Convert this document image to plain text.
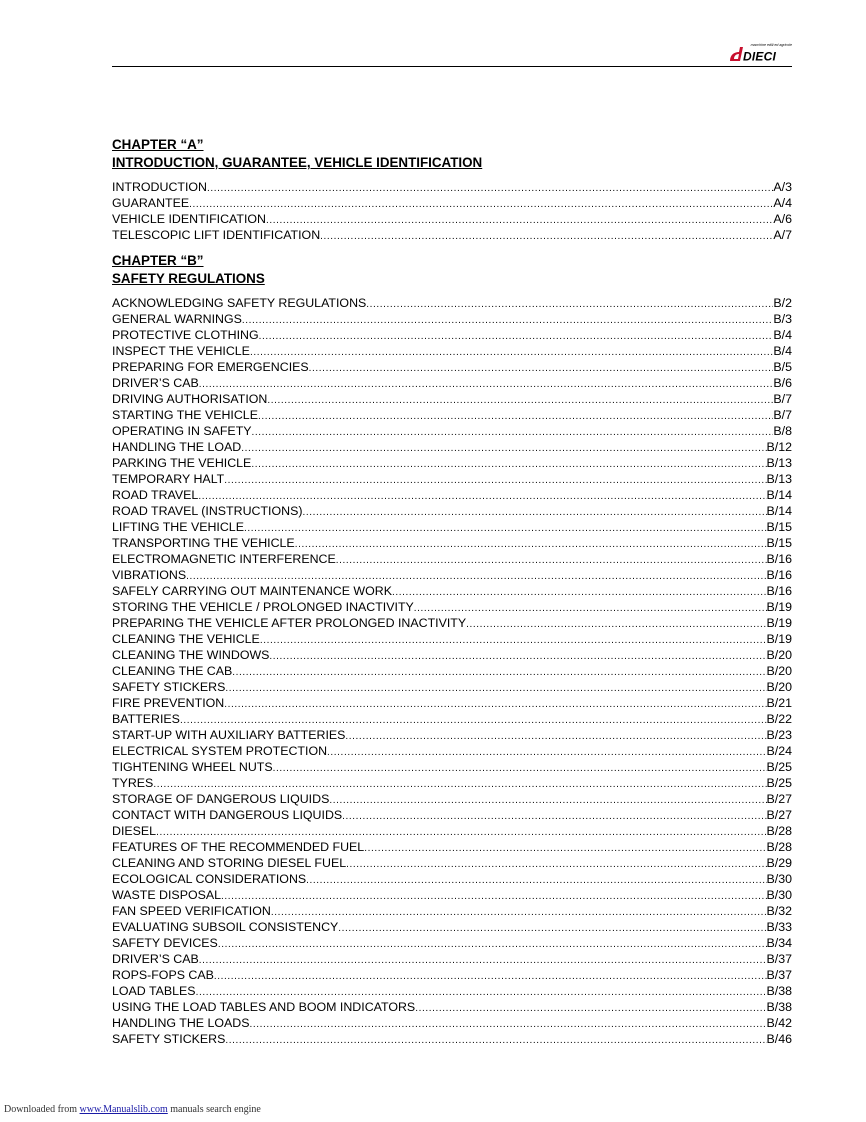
macchine edili ed agricole
DIECI
CHAPTER “A”
INTRODUCTION, GUARANTEE, VEHICLE IDENTIFICATION
INTRODUCTION .....	A/3
GUARANTEE .....	A/4
VEHICLE IDENTIFICATION .....	A/6
TELESCOPIC LIFT IDENTIFICATION .....	A/7
CHAPTER “B”
SAFETY REGULATIONS
ACKNOWLEDGING SAFETY REGULATIONS .....	B/2
GENERAL WARNINGS .....	B/3
PROTECTIVE CLOTHING .....	B/4
INSPECT THE VEHICLE .....	B/4
PREPARING FOR EMERGENCIES .....	B/5
DRIVER’S CAB .....	B/6
DRIVING AUTHORISATION .....	B/7
STARTING THE VEHICLE .....	B/7
OPERATING IN SAFETY .....	B/8
HANDLING THE LOAD .....	B/12
PARKING THE VEHICLE .....	B/13
TEMPORARY HALT .....	B/13
ROAD TRAVEL .....	B/14
ROAD TRAVEL (INSTRUCTIONS) .....	B/14
LIFTING THE VEHICLE .....	B/15
TRANSPORTING THE VEHICLE .....	B/15
ELECTROMAGNETIC INTERFERENCE .....	B/16
VIBRATIONS .....	B/16
SAFELY CARRYING OUT MAINTENANCE WORK .....	B/16
STORING THE VEHICLE / PROLONGED INACTIVITY .....	B/19
PREPARING THE VEHICLE AFTER PROLONGED INACTIVITY .....	B/19
CLEANING THE VEHICLE .....	B/19
CLEANING THE WINDOWS .....	B/20
CLEANING THE CAB .....	B/20
SAFETY STICKERS .....	B/20
FIRE PREVENTION .....	B/21
BATTERIES .....	B/22
START-UP WITH AUXILIARY BATTERIES .....	B/23
ELECTRICAL SYSTEM PROTECTION .....	B/24
TIGHTENING WHEEL NUTS .....	B/25
TYRES .....	B/25
STORAGE OF DANGEROUS LIQUIDS .....	B/27
CONTACT WITH DANGEROUS LIQUIDS .....	B/27
DIESEL .....	B/28
FEATURES OF THE RECOMMENDED FUEL .....	B/28
CLEANING AND STORING DIESEL FUEL .....	B/29
ECOLOGICAL CONSIDERATIONS .....	B/30
WASTE DISPOSAL .....	B/30
FAN SPEED VERIFICATION .....	B/32
EVALUATING SUBSOIL CONSISTENCY .....	B/33
SAFETY DEVICES .....	B/34
DRIVER’S CAB .....	B/37
ROPS-FOPS CAB .....	B/37
LOAD TABLES .....	B/38
USING THE LOAD TABLES AND BOOM INDICATORS .....	B/38
HANDLING THE LOADS .....	B/42
SAFETY STICKERS .....	B/46
Downloaded from www.Manualslib.com manuals search engine
